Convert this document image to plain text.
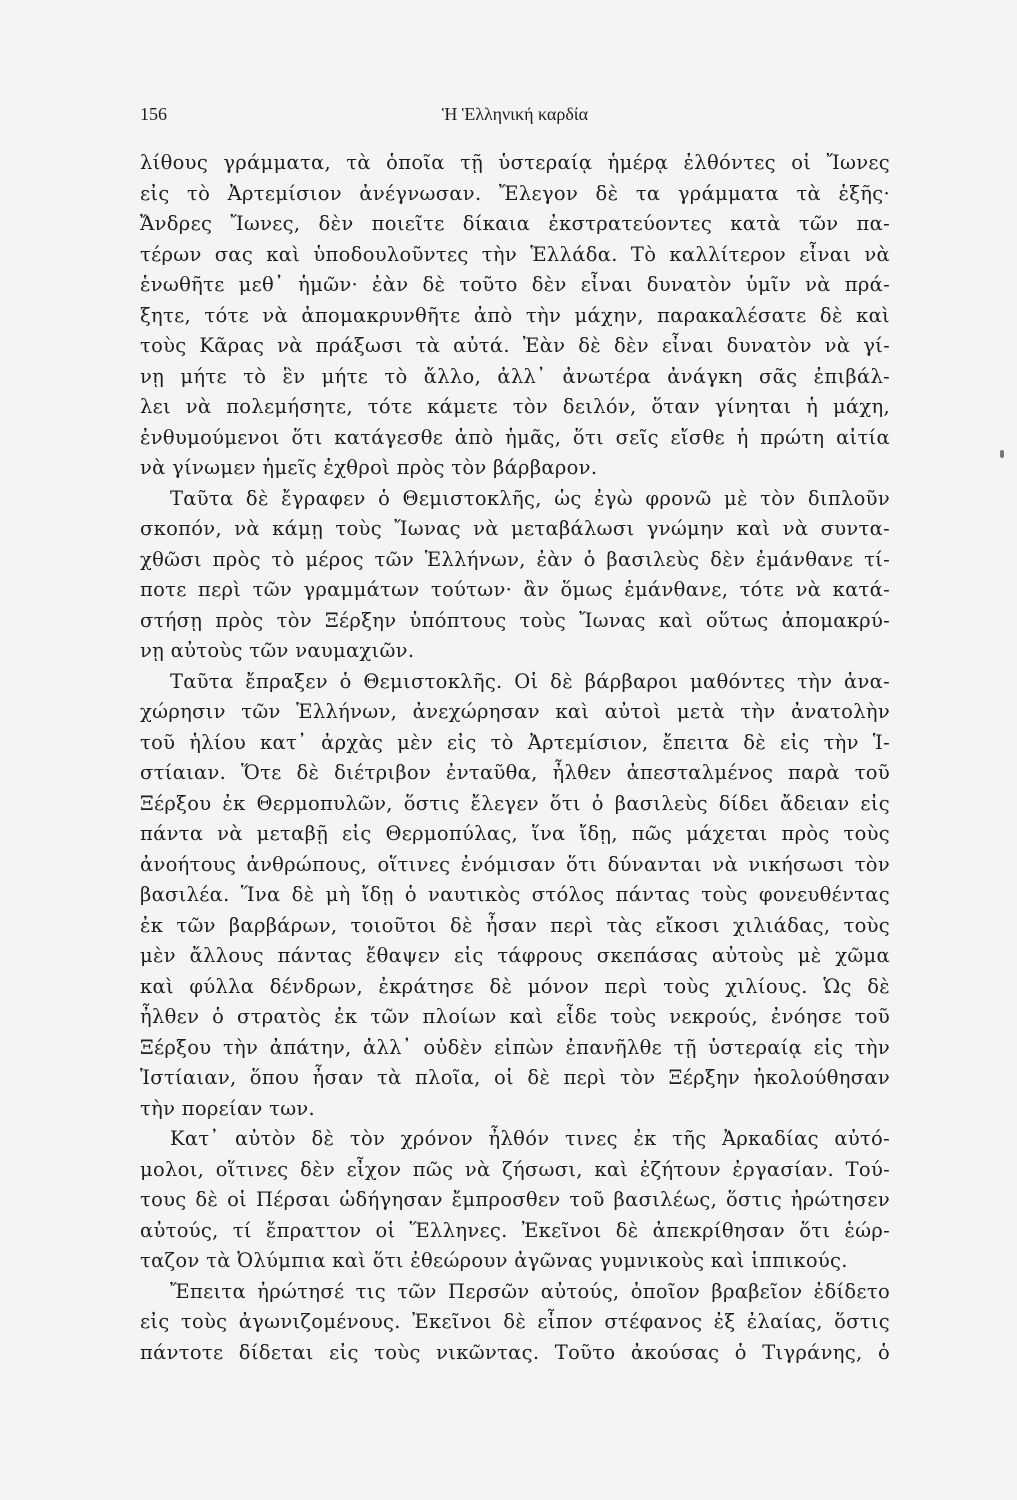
156	Ἡ Ἑλληνική καρδία
λίθους γράμματα, τὰ ὁποῖα τῇ ὑστεραίᾳ ἡμέρᾳ ἐλθόντες οἱ Ἴωνες
εἰς τὸ Ἀρτεμίσιον ἀνέγνωσαν. Ἔλεγον δὲ τα γράμματα τὰ ἑξῆς·
Ἄνδρες Ἴωνες, δὲν ποιεῖτε δίκαια ἐκστρατεύοντες κατὰ τῶν πα-
τέρων σας καὶ ὑποδουλοῦντες τὴν Ἑλλάδα. Τὸ καλλίτερον εἶναι νὰ
ἑνωθῆτε μεθ᾽ ἡμῶν· ἐὰν δὲ τοῦτο δὲν εἶναι δυνατὸν ὑμῖν νὰ πρά-
ξητε, τότε νὰ ἀπομακρυνθῆτε ἀπὸ τὴν μάχην, παρακαλέσατε δὲ καὶ
τοὺς Κᾶρας νὰ πράξωσι τὰ αὐτά. Ἐὰν δὲ δὲν εἶναι δυνατὸν νὰ γί-
νῃ μήτε τὸ ἓν μήτε τὸ ἄλλο, ἀλλ᾽ ἀνωτέρα ἀνάγκη σᾶς ἐπιβάλ-
λει νὰ πολεμήσητε, τότε κάμετε τὸν δειλόν, ὅταν γίνηται ἡ μάχη,
ἐνθυμούμενοι ὅτι κατάγεσθε ἀπὸ ἡμᾶς, ὅτι σεῖς εἴσθε ἡ πρώτη αἰτία
νὰ γίνωμεν ἡμεῖς ἐχθροὶ πρὸς τὸν βάρβαρον.
Ταῦτα δὲ ἔγραφεν ὁ Θεμιστοκλῆς, ὡς ἐγὼ φρονῶ μὲ τὸν διπλοῦν
σκοπόν, νὰ κάμῃ τοὺς Ἴωνας νὰ μεταβάλωσι γνώμην καὶ νὰ συντα-
χθῶσι πρὸς τὸ μέρος τῶν Ἑλλήνων, ἐὰν ὁ βασιλεὺς δὲν ἐμάνθανε τί-
ποτε περὶ τῶν γραμμάτων τούτων· ἂν ὅμως ἐμάνθανε, τότε νὰ κατά-
στήσῃ πρὸς τὸν Ξέρξην ὑπόπτους τοὺς Ἴωνας καὶ οὕτως ἀπομακρύ-
νῃ αὐτοὺς τῶν ναυμαχιῶν.
Ταῦτα ἔπραξεν ὁ Θεμιστοκλῆς. Οἱ δὲ βάρβαροι μαθόντες τὴν ἀνα-
χώρησιν τῶν Ἑλλήνων, ἀνεχώρησαν καὶ αὐτοὶ μετὰ τὴν ἀνατολὴν
τοῦ ἡλίου κατ᾽ ἀρχὰς μὲν εἰς τὸ Ἀρτεμίσιον, ἔπειτα δὲ εἰς τὴν Ἱ-
στίαιαν. Ὅτε δὲ διέτριβον ἐνταῦθα, ἦλθεν ἀπεσταλμένος παρὰ τοῦ
Ξέρξου ἐκ Θερμοπυλῶν, ὅστις ἔλεγεν ὅτι ὁ βασιλεὺς δίδει ἄδειαν εἰς
πάντα νὰ μεταβῇ εἰς Θερμοπύλας, ἵνα ἴδῃ, πῶς μάχεται πρὸς τοὺς
ἀνοήτους ἀνθρώπους, οἵτινες ἐνόμισαν ὅτι δύνανται νὰ νικήσωσι τὸν
βασιλέα. Ἵνα δὲ μὴ ἴδῃ ὁ ναυτικὸς στόλος πάντας τοὺς φονευθέντας
ἐκ τῶν βαρβάρων, τοιοῦτοι δὲ ἦσαν περὶ τὰς εἴκοσι χιλιάδας, τοὺς
μὲν ἄλλους πάντας ἔθαψεν εἰς τάφρους σκεπάσας αὐτοὺς μὲ χῶμα
καὶ φύλλα δένδρων, ἐκράτησε δὲ μόνον περὶ τοὺς χιλίους. Ὡς δὲ
ἦλθεν ὁ στρατὸς ἐκ τῶν πλοίων καὶ εἶδε τοὺς νεκρούς, ἐνόησε τοῦ
Ξέρξου τὴν ἀπάτην, ἀλλ᾽ οὐδὲν εἰπὼν ἐπανῆλθε τῇ ὑστεραίᾳ εἰς τὴν
Ἱστίαιαν, ὅπου ἦσαν τὰ πλοῖα, οἱ δὲ περὶ τὸν Ξέρξην ἠκολούθησαν
τὴν πορείαν των.
Κατ᾽ αὐτὸν δὲ τὸν χρόνον ἦλθόν τινες ἐκ τῆς Ἀρκαδίας αὐτό-
μολοι, οἵτινες δὲν εἶχον πῶς νὰ ζήσωσι, καὶ ἐζήτουν ἐργασίαν. Τού-
τους δὲ οἱ Πέρσαι ὡδήγησαν ἔμπροσθεν τοῦ βασιλέως, ὅστις ἠρώτησεν
αὐτούς, τί ἔπραττον οἱ Ἕλληνες. Ἐκεῖνοι δὲ ἀπεκρίθησαν ὅτι ἑώρ-
ταζον τὰ Ὀλύμπια καὶ ὅτι ἐθεώρουν ἀγῶνας γυμνικοὺς καὶ ἱππικούς.
Ἔπειτα ἠρώτησέ τις τῶν Περσῶν αὐτούς, ὁποῖον βραβεῖον ἐδίδετο
εἰς τοὺς ἀγωνιζομένους. Ἐκεῖνοι δὲ εἶπον στέφανος ἐξ ἐλαίας, ὅστις
πάντοτε δίδεται εἰς τοὺς νικῶντας. Τοῦτο ἀκούσας ὁ Τιγράνης, ὁ
